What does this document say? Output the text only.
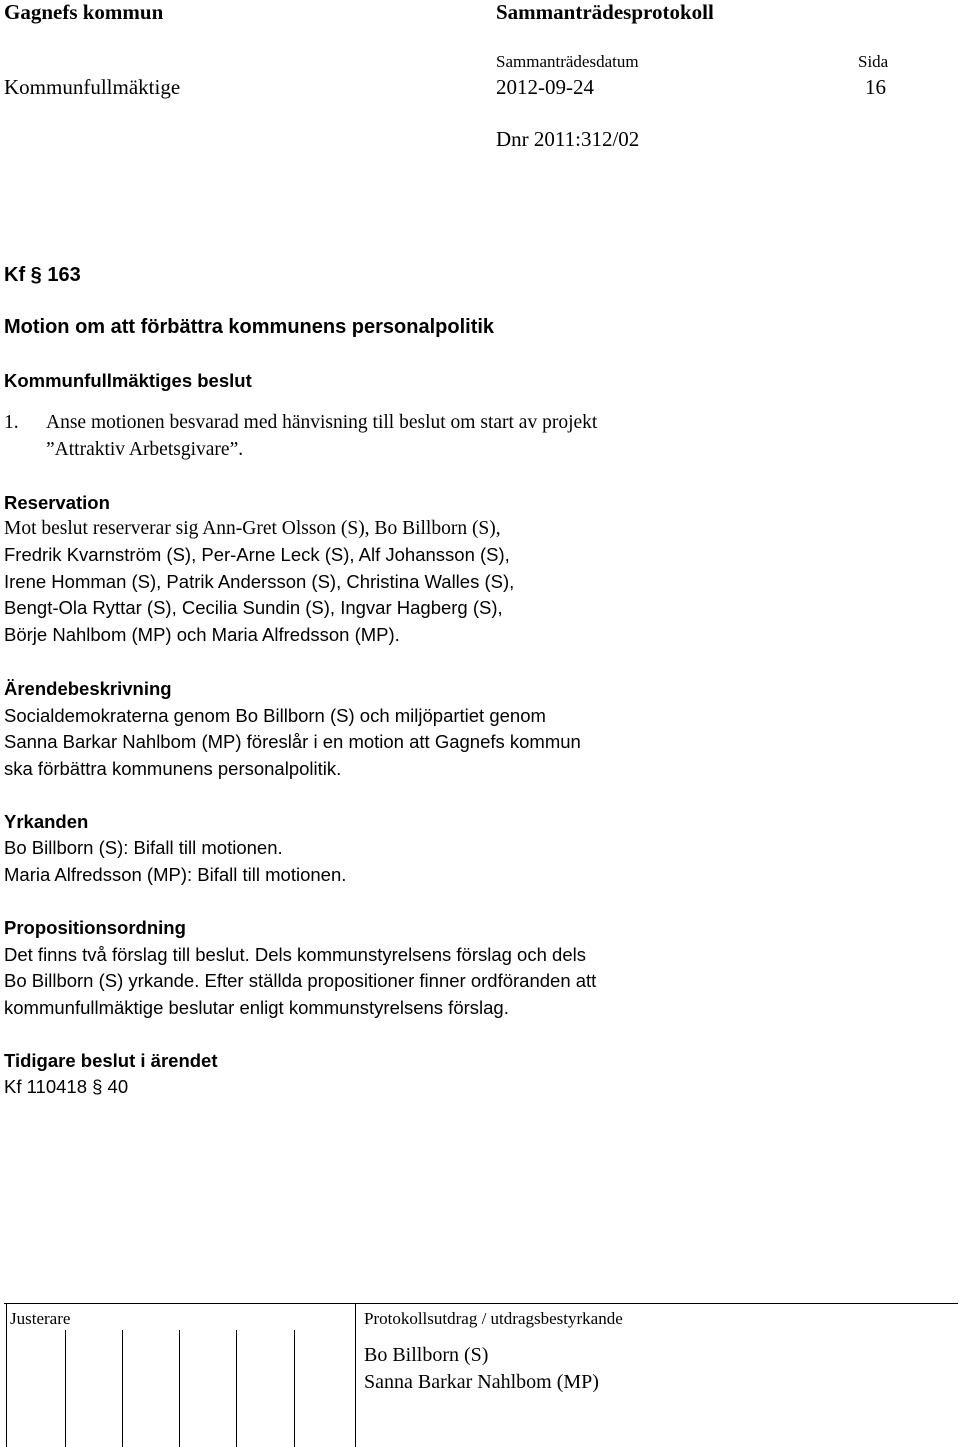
Gagnefs kommun	Sammanträdesprotokoll
Sammanträdesdatum	Sida
Kommunfullmäktige	2012-09-24	16
Dnr 2011:312/02
Kf § 163
Motion om att förbättra kommunens personalpolitik
Kommunfullmäktiges beslut
1. Anse motionen besvarad med hänvisning till beslut om start av projekt
”Attraktiv Arbetsgivare”.
Reservation
Mot beslut reserverar sig Ann-Gret Olsson (S), Bo Billborn (S),
Fredrik Kvarnström (S), Per-Arne Leck (S), Alf Johansson (S),
Irene Homman (S), Patrik Andersson (S), Christina Walles (S),
Bengt-Ola Ryttar (S), Cecilia Sundin (S), Ingvar Hagberg (S),
Börje Nahlbom (MP) och Maria Alfredsson (MP).
Ärendebeskrivning
Socialdemokraterna genom Bo Billborn (S) och miljöpartiet genom
Sanna Barkar Nahlbom (MP) föreslår i en motion att Gagnefs kommun
ska förbättra kommunens personalpolitik.
Yrkanden
Bo Billborn (S): Bifall till motionen.
Maria Alfredsson (MP): Bifall till motionen.
Propositionsordning
Det finns två förslag till beslut. Dels kommunstyrelsens förslag och dels
Bo Billborn (S) yrkande. Efter ställda propositioner finner ordföranden att
kommunfullmäktige beslutar enligt kommunstyrelsens förslag.
Tidigare beslut i ärendet
Kf 110418 § 40
Justerare	Protokollsutdrag / utdragsbestyrkande
Bo Billborn (S)
Sanna Barkar Nahlbom (MP)
